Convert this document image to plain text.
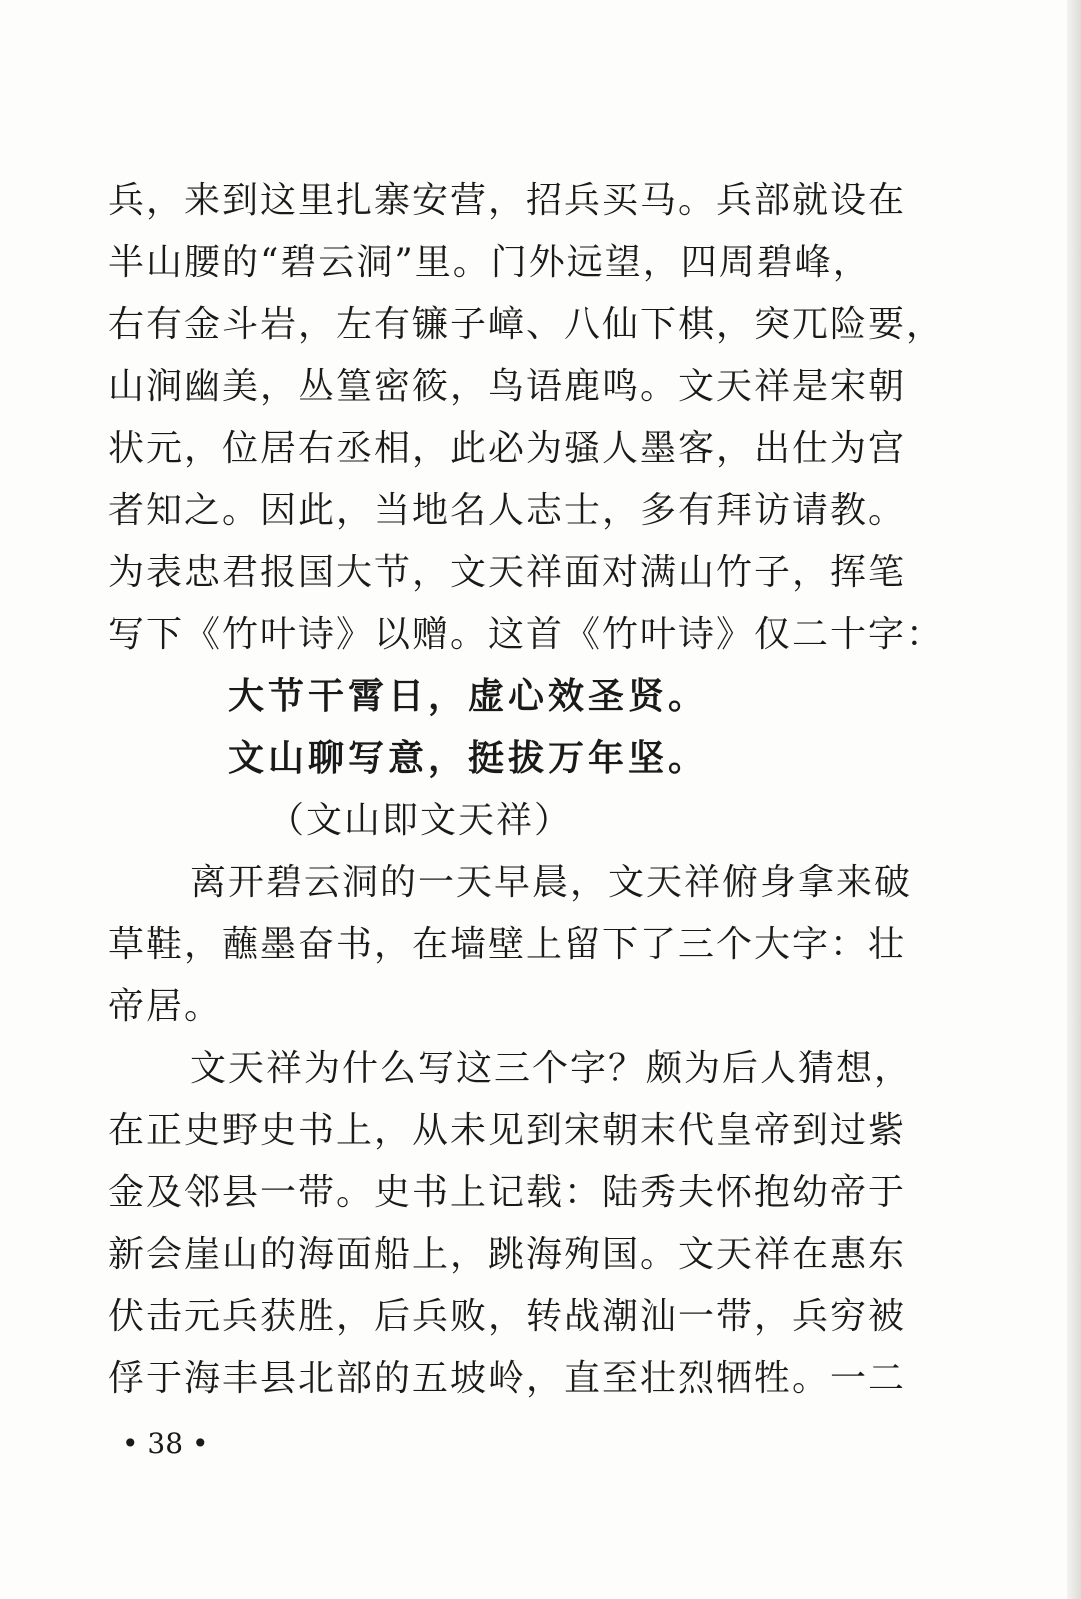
兵，来到这里扎寨安营，招兵买马。兵部就设在
半山腰的“碧云洞”里。门外远望，四周碧峰，
右有金斗岩，左有镰子嶂、八仙下棋，突兀险要，
山涧幽美，丛篁密筱，鸟语鹿鸣。文天祥是宋朝
状元，位居右丞相，此必为骚人墨客，出仕为宫
者知之。因此，当地名人志士，多有拜访请教。
为表忠君报国大节，文天祥面对满山竹子，挥笔
写下《竹叶诗》以赠。这首《竹叶诗》仅二十字：
大节干霄日，虚心效圣贤。
文山聊写意，挺拔万年坚。
（文山即文天祥）
离开碧云洞的一天早晨，文天祥俯身拿来破
草鞋，蘸墨奋书，在墙壁上留下了三个大字：壮
帝居。
文天祥为什么写这三个字？颇为后人猜想，
在正史野史书上，从未见到宋朝末代皇帝到过紫
金及邻县一带。史书上记载：陆秀夫怀抱幼帝于
新会崖山的海面船上，跳海殉国。文天祥在惠东
伏击元兵获胜，后兵败，转战潮汕一带，兵穷被
俘于海丰县北部的五坡岭，直至壮烈牺牲。一二
• 38 •
